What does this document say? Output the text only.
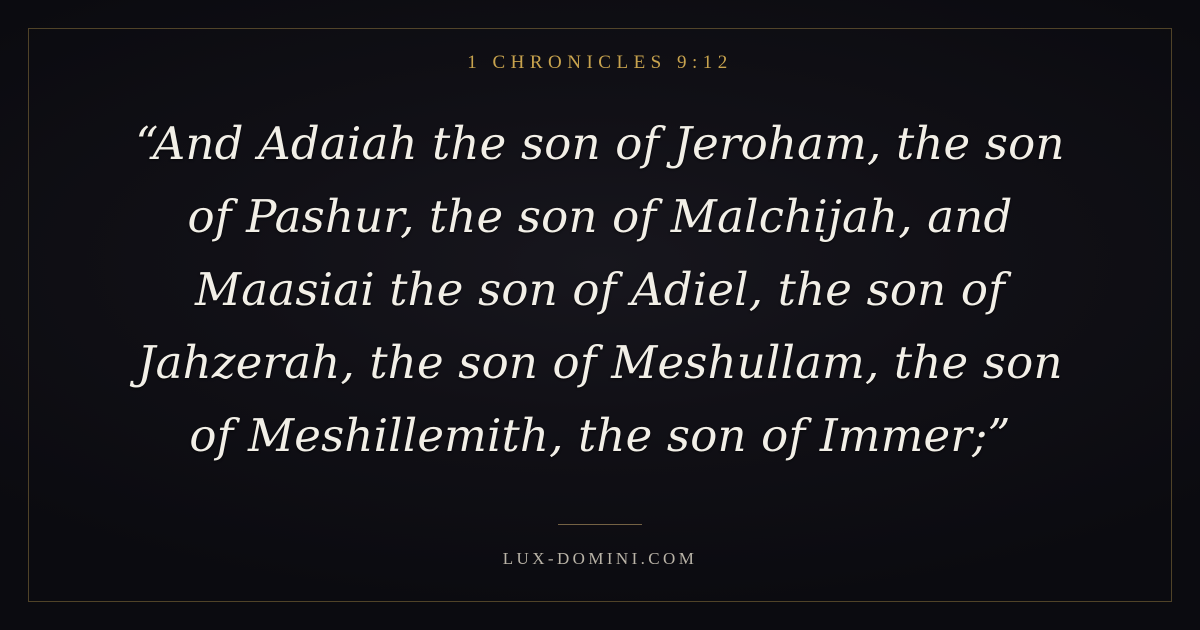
1 CHRONICLES 9:12
“And Adaiah the son of Jeroham, the son of Pashur, the son of Malchijah, and Maasiai the son of Adiel, the son of Jahzerah, the son of Meshullam, the son of Meshillemith, the son of Immer;”
LUX-DOMINI.COM
